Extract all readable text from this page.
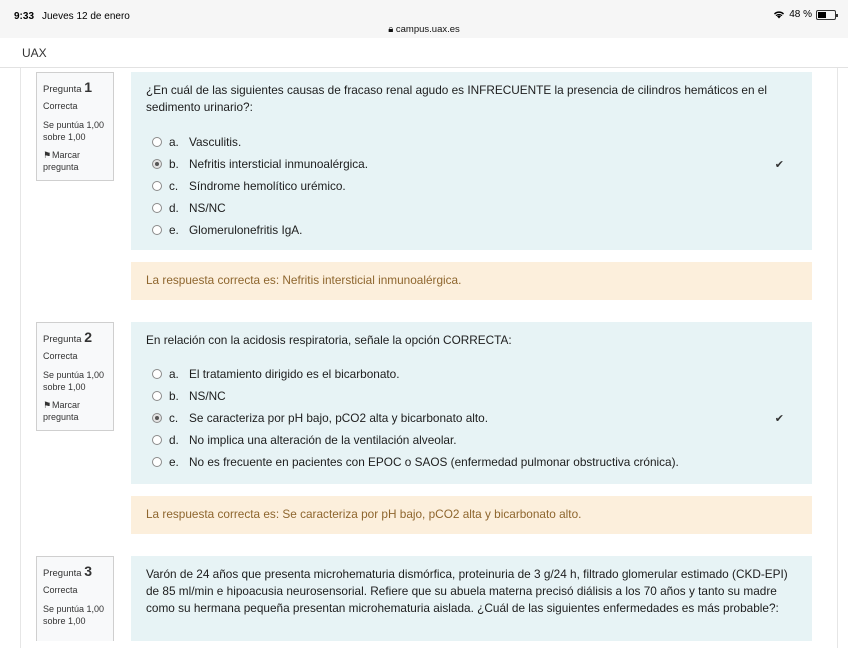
9:33 Jueves 12 de enero
🔒︎ campus.uax.es
48 %
UAX
Pregunta 1
Correcta
Se puntúa 1,00 sobre 1,00
⚑Marcar pregunta
¿En cuál de las siguientes causas de fracaso renal agudo es INFRECUENTE la presencia de cilindros hemáticos en el sedimento urinario?:
a. Vasculitis.
b. Nefritis intersticial inmunoalérgica.	✔
c. Síndrome hemolítico urémico.
d. NS/NC
e. Glomerulonefritis IgA.
La respuesta correcta es: Nefritis intersticial inmunoalérgica.
Pregunta 2
Correcta
Se puntúa 1,00 sobre 1,00
⚑Marcar pregunta
En relación con la acidosis respiratoria, señale la opción CORRECTA:
a. El tratamiento dirigido es el bicarbonato.
b. NS/NC
c. Se caracteriza por pH bajo, pCO2 alta y bicarbonato alto.	✔
d. No implica una alteración de la ventilación alveolar.
e. No es frecuente en pacientes con EPOC o SAOS (enfermedad pulmonar obstructiva crónica).
La respuesta correcta es: Se caracteriza por pH bajo, pCO2 alta y bicarbonato alto.
Pregunta 3
Correcta
Se puntúa 1,00 sobre 1,00
Varón de 24 años que presenta microhematuria dismórfica, proteinuria de 3 g/24 h, filtrado glomerular estimado (CKD-EPI) de 85 ml/min e hipoacusia neurosensorial. Refiere que su abuela materna precisó diálisis a los 70 años y tanto su madre como su hermana pequeña presentan microhematuria aislada. ¿Cuál de las siguientes enfermedades es más probable?:
